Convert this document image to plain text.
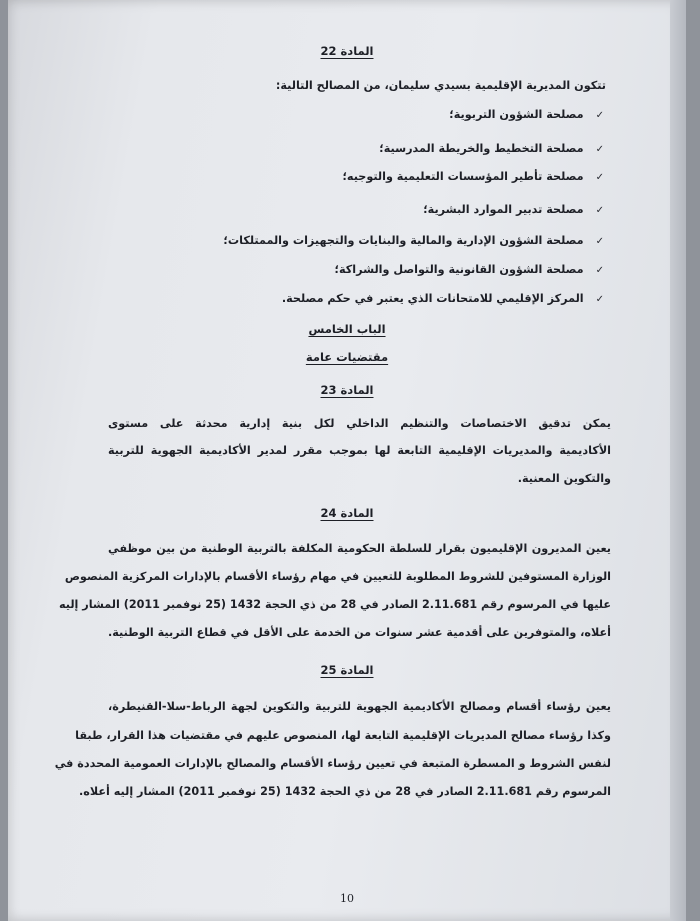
المادة 22
تتكون المديرية الإقليمية بسيدي سليمان، من المصالح التالية:
✓مصلحة الشؤون التربوية؛
✓مصلحة التخطيط والخريطة المدرسية؛
✓مصلحة تأطير المؤسسات التعليمية والتوجيه؛
✓مصلحة تدبير الموارد البشرية؛
✓مصلحة الشؤون الإدارية والمالية والبنايات والتجهيزات والممتلكات؛
✓مصلحة الشؤون القانونية والتواصل والشراكة؛
✓المركز الإقليمي للامتحانات الذي يعتبر في حكم مصلحة.
الباب الخامس
مقتضيات عامة
المادة 23
يمكن تدقيق الاختصاصات والتنظيم الداخلي لكل بنية إدارية محدثة على مستوى
الأكاديمية والمديريات الإقليمية التابعة لها بموجب مقرر لمدير الأكاديمية الجهوية للتربية
والتكوين المعنية.
المادة 24
يعين المديرون الإقليميون بقرار للسلطة الحكومية المكلفة بالتربية الوطنية من بين موظفي
الوزارة المستوفين للشروط المطلوبة للتعيين في مهام رؤساء الأقسام بالإدارات المركزية المنصوص
عليها في المرسوم رقم 2.11.681 الصادر في 28 من ذي الحجة 1432 (25 نوفمبر 2011) المشار إليه
أعلاه، والمتوفرين على أقدمية عشر سنوات من الخدمة على الأقل في قطاع التربية الوطنية.
المادة 25
يعين رؤساء أقسام ومصالح الأكاديمية الجهوية للتربية والتكوين لجهة الرباط-سلا-القنيطرة،
وكذا رؤساء مصالح المديريات الإقليمية التابعة لها، المنصوص عليهم في مقتضيات هذا القرار، طبقا
لنفس الشروط و المسطرة المتبعة في تعيين رؤساء الأقسام والمصالح بالإدارات العمومية المحددة في
المرسوم رقم 2.11.681 الصادر في 28 من ذي الحجة 1432 (25 نوفمبر 2011) المشار إليه أعلاه.
10
